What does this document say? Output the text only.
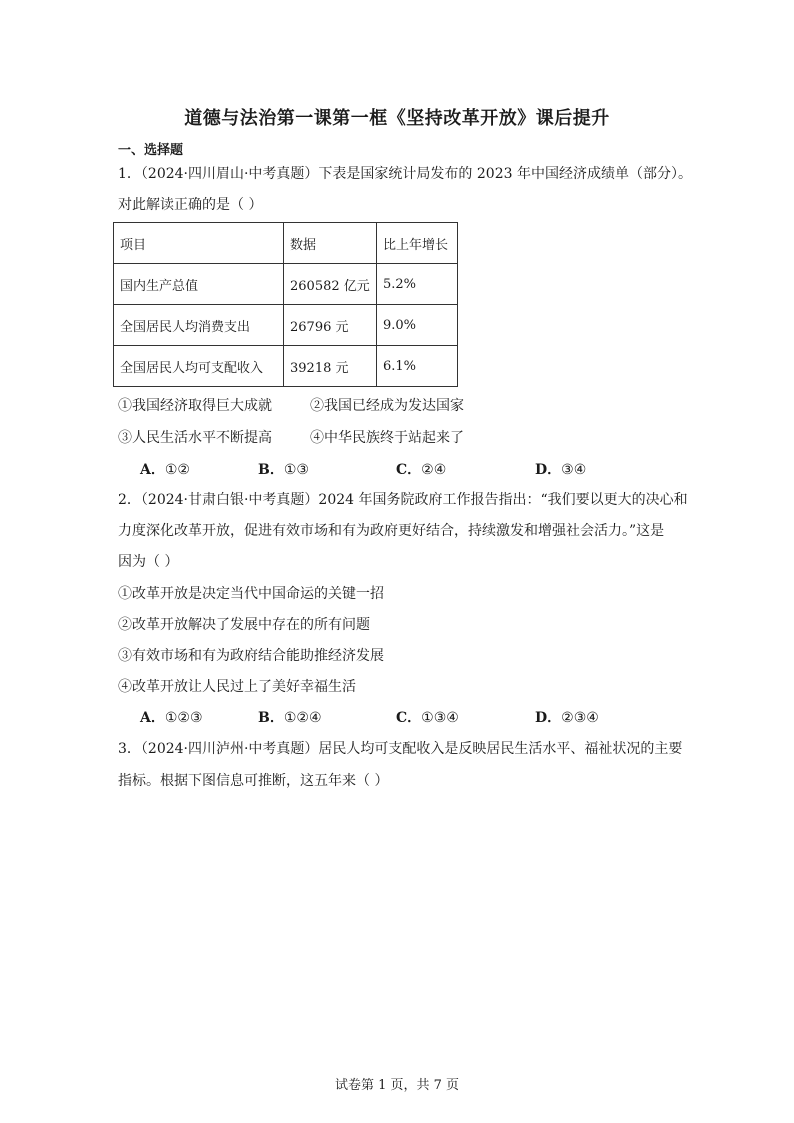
道德与法治第一课第一框《坚持改革开放》课后提升
一、选择题
1．（2024·四川眉山·中考真题）下表是国家统计局发布的 2023 年中国经济成绩单（部分）。
对此解读正确的是（ ）
项目	数据	比上年增长
国内生产总值	260582 亿元	5.2%
全国居民人均消费支出	26796 元	9.0%
全国居民人均可支配收入	39218 元	6.1%
①我国经济取得巨大成就	②我国已经成为发达国家
③人民生活水平不断提高	④中华民族终于站起来了
A．①②	B．①③	C．②④	D．③④
2．（2024·甘肃白银·中考真题）2024 年国务院政府工作报告指出：“我们要以更大的决心和
力度深化改革开放，促进有效市场和有为政府更好结合，持续激发和增强社会活力。”这是
因为（ ）
①改革开放是决定当代中国命运的关键一招
②改革开放解决了发展中存在的所有问题
③有效市场和有为政府结合能助推经济发展
④改革开放让人民过上了美好幸福生活
A．①②③	B．①②④	C．①③④	D．②③④
3．（2024·四川泸州·中考真题）居民人均可支配收入是反映居民生活水平、福祉状况的主要
指标。根据下图信息可推断，这五年来（ ）
试卷第 1 页，共 7 页
